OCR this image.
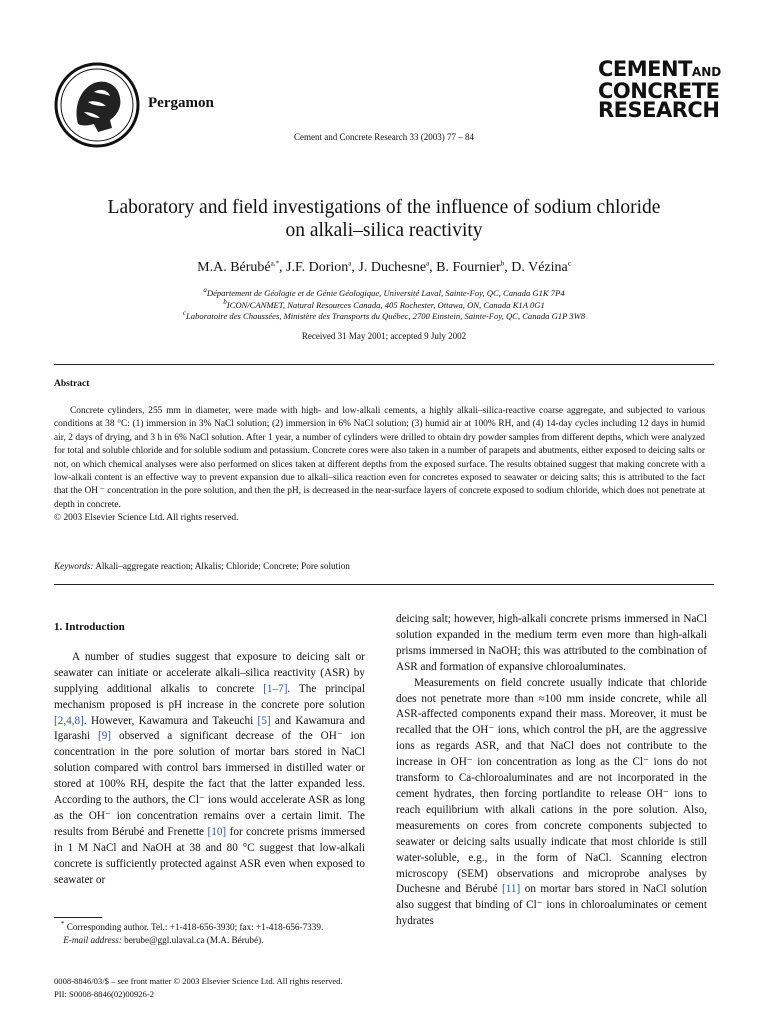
Pergamon
CEMENTAND
CONCRETE
RESEARCH
Cement and Concrete Research 33 (2003) 77 – 84
Laboratory and field investigations of the influence of sodium chloride
on alkali–silica reactivity
M.A. Bérubé$^{a,*}$, J.F. Dorion$^a$, J. Duchesne$^a$, B. Fournier$^b$, D. Vézina$^c$
$^a$Département de Géologie et de Génie Géologique, Université Laval, Sainte-Foy, QC, Canada G1K 7P4
$^b$ICON/CANMET, Natural Resources Canada, 405 Rochester, Ottawa, ON, Canada K1A 0G1
$^c$Laboratoire des Chaussées, Ministère des Transports du Québec, 2700 Einstein, Sainte-Foy, QC, Canada G1P 3W8
Received 31 May 2001; accepted 9 July 2002
Abstract
Concrete cylinders, 255 mm in diameter, were made with high- and low-alkali cements, a highly alkali–silica-reactive coarse aggregate, and subjected to various conditions at 38 °C: (1) immersion in 3% NaCl solution; (2) immersion in 6% NaCl solution; (3) humid air at 100% RH, and (4) 14-day cycles including 12 days in humid air, 2 days of drying, and 3 h in 6% NaCl solution. After 1 year, a number of cylinders were drilled to obtain dry powder samples from different depths, which were analyzed for total and soluble chloride and for soluble sodium and potassium. Concrete cores were also taken in a number of parapets and abutments, either exposed to deicing salts or not, on which chemical analyses were also performed on slices taken at different depths from the exposed surface. The results obtained suggest that making concrete with a low-alkali content is an effective way to prevent expansion due to alkali–silica reaction even for concretes exposed to seawater or deicing salts; this is attributed to the fact that the OH ⁻ concentration in the pore solution, and then the pH, is decreased in the near-surface layers of concrete exposed to sodium chloride, which does not penetrate at depth in concrete.
© 2003 Elsevier Science Ltd. All rights reserved.
Keywords: Alkali–aggregate reaction; Alkalis; Chloride; Concrete; Pore solution
1. Introduction

A number of studies suggest that exposure to deicing salt or seawater can initiate or accelerate alkali–silica reactivity (ASR) by supplying additional alkalis to concrete [1–7]. The principal mechanism proposed is pH increase in the concrete pore solution [2,4,8]. However, Kawamura and Takeuchi [5] and Kawamura and Igarashi [9] observed a significant decrease of the OH⁻ ion concentration in the pore solution of mortar bars stored in NaCl solution compared with control bars immersed in distilled water or stored at 100% RH, despite the fact that the latter expanded less. According to the authors, the Cl⁻ ions would accelerate ASR as long as the OH⁻ ion concentration remains over a certain limit. The results from Bérubé and Frenette [10] for concrete prisms immersed in 1 M NaCl and NaOH at 38 and 80 °C suggest that low-alkali concrete is sufficiently protected against ASR even when exposed to seawater or

deicing salt; however, high-alkali concrete prisms immersed in NaCl solution expanded in the medium term even more than high-alkali prisms immersed in NaOH; this was attributed to the combination of ASR and formation of expansive chloroaluminates.

Measurements on field concrete usually indicate that chloride does not penetrate more than ≈100 mm inside concrete, while all ASR-affected components expand their mass. Moreover, it must be recalled that the OH⁻ ions, which control the pH, are the aggressive ions as regards ASR, and that NaCl does not contribute to the increase in OH⁻ ion concentration as long as the Cl⁻ ions do not transform to Ca-chloroaluminates and are not incorporated in the cement hydrates, then forcing portlandite to release OH⁻ ions to reach equilibrium with alkali cations in the pore solution. Also, measurements on cores from concrete components subjected to seawater or deicing salts usually indicate that most chloride is still water-soluble, e.g., in the form of NaCl. Scanning electron microscopy (SEM) observations and microprobe analyses by Duchesne and Bérubé [11] on mortar bars stored in NaCl solution also suggest that binding of Cl⁻ ions in chloroaluminates or cement hydrates

* Corresponding author. Tel.: +1-418-656-3930; fax: +1-418-656-7339.
E-mail address: berube@ggl.ulaval.ca (M.A. Bérubé).
0008-8846/03/$ – see front matter © 2003 Elsevier Science Ltd. All rights reserved.
PII: S0008-8846(02)00926-2
